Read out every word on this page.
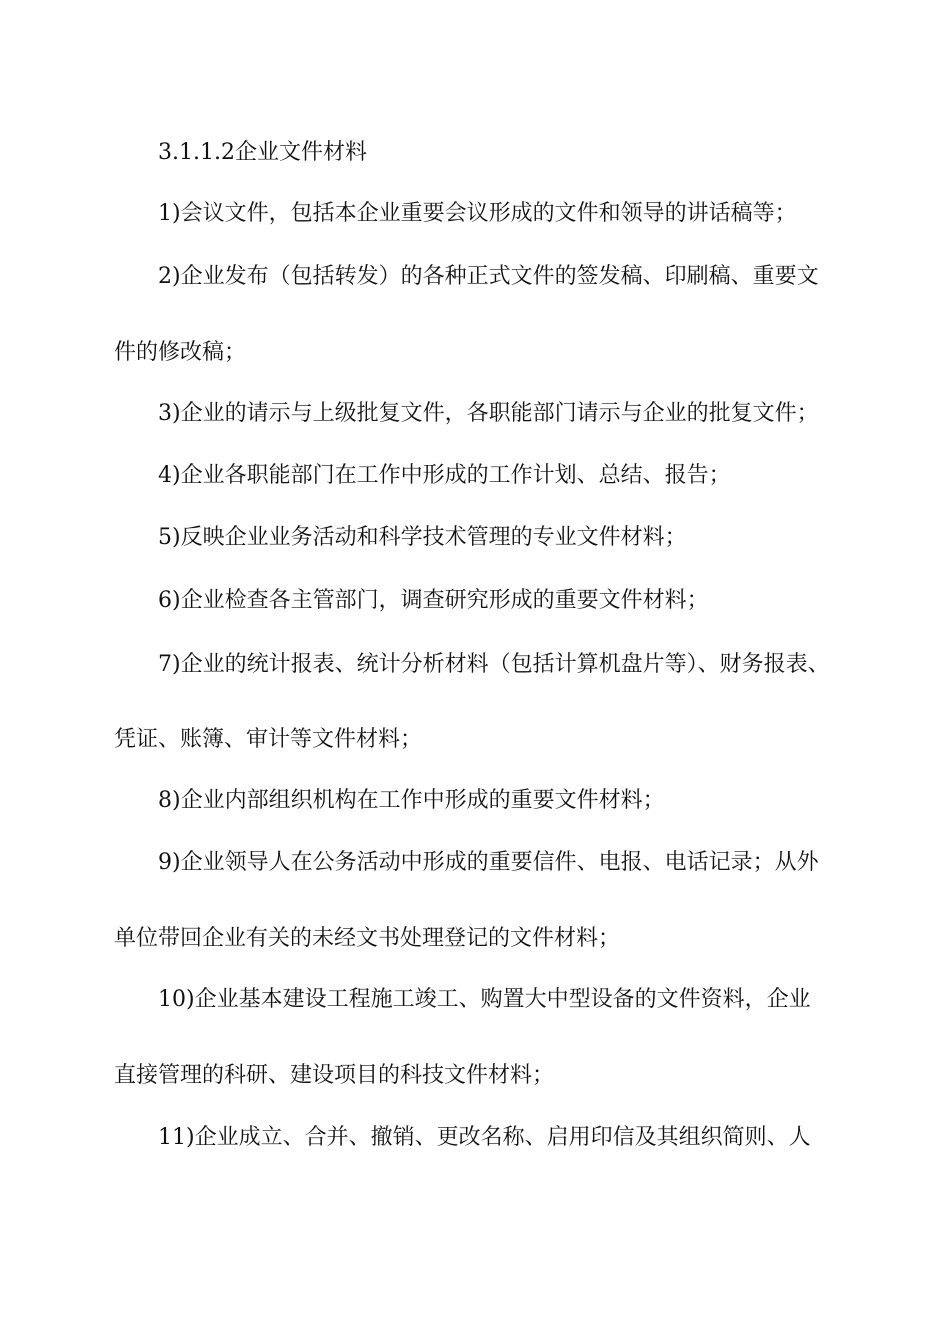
3.1.1.2企业文件材料
1)会议文件，包括本企业重要会议形成的文件和领导的讲话稿等；
2)企业发布（包括转发）的各种正式文件的签发稿、印刷稿、重要文
件的修改稿；
3)企业的请示与上级批复文件，各职能部门请示与企业的批复文件；
4)企业各职能部门在工作中形成的工作计划、总结、报告；
5)反映企业业务活动和科学技术管理的专业文件材料；
6)企业检查各主管部门，调查研究形成的重要文件材料；
7)企业的统计报表、统计分析材料（包括计算机盘片等）、财务报表、
凭证、账簿、审计等文件材料；
8)企业内部组织机构在工作中形成的重要文件材料；
9)企业领导人在公务活动中形成的重要信件、电报、电话记录；从外
单位带回企业有关的未经文书处理登记的文件材料；
10)企业基本建设工程施工竣工、购置大中型设备的文件资料，企业
直接管理的科研、建设项目的科技文件材料；
11)企业成立、合并、撤销、更改名称、启用印信及其组织简则、人
